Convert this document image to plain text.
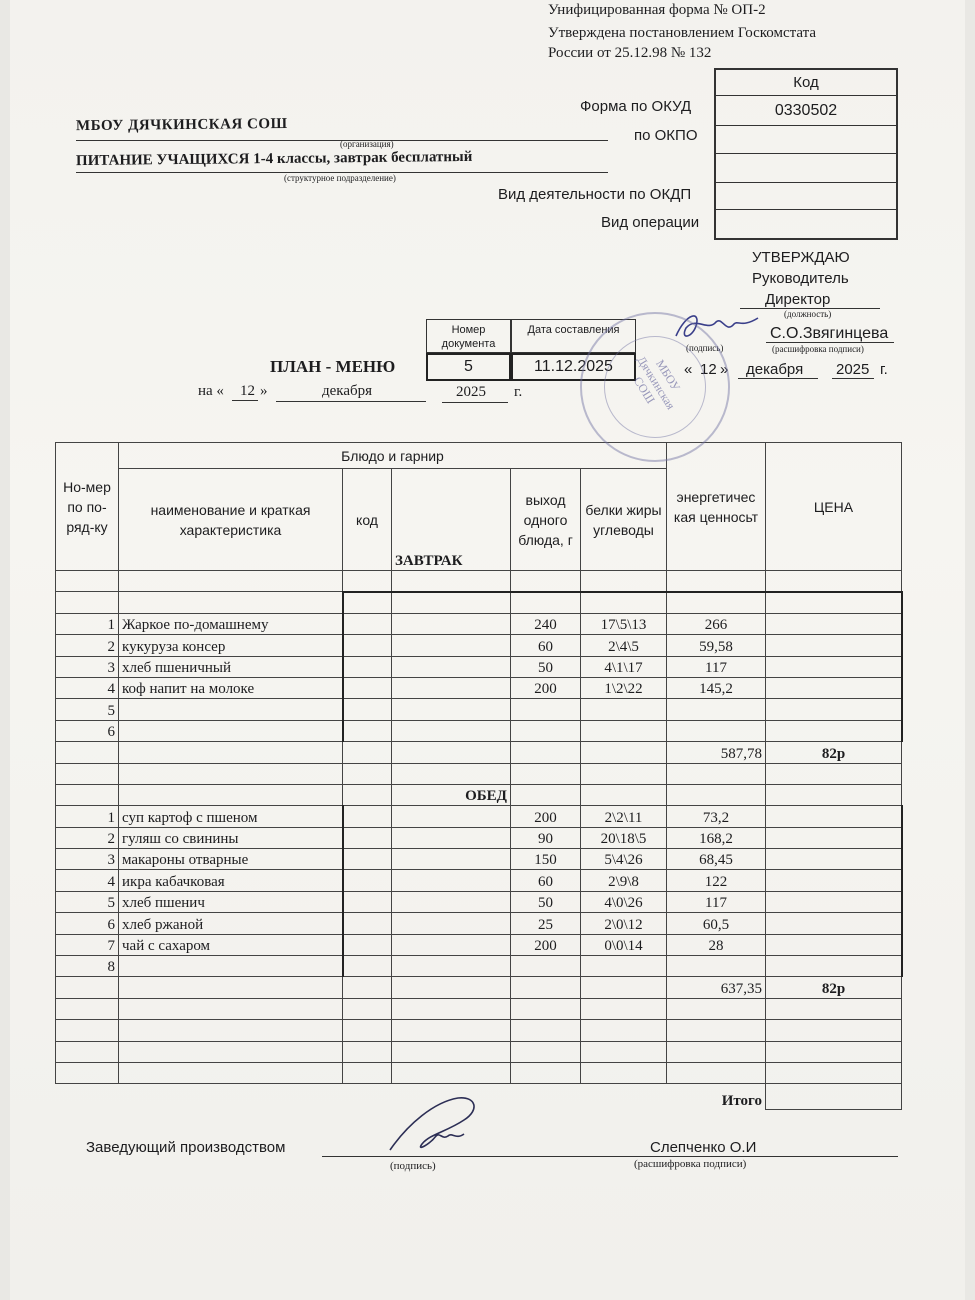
Унифицированная форма № ОП-2
Утверждена постановлением Госкомстата
России от 25.12.98 № 132
Код
0330502
Форма по ОКУД
по ОКПО
Вид деятельности по ОКДП
Вид операции
МБОУ ДЯЧКИНСКАЯ СОШ
(организация)
ПИТАНИЕ УЧАЩИХСЯ 1-4 классы, завтрак бесплатный
(структурное подразделение)
УТВЕРЖДАЮ
Руководитель
Директор
(должность)
(подпись)
С.О.Звягинцева
(расшифровка подписи)
« 12 » декабря 2025 г.
Номер документа
Дата составления
5	11.12.2025
ПЛАН - МЕНЮ
на « 12 »	декабря	2025 г.
Но-мер по по-ряд-ку	Блюдо и гарнир					энергетичес кая ценносьт	ЦЕНА
	наименование и краткая характеристика	код	ЗАВТРАК	выход одного блюда, г	белки жиры углеводы		

1	Жаркое по-домашнему			240	17\5\13	266	
2	кукуруза консер			60	2\4\5	59,58	
3	хлеб пшеничный			50	4\1\17	117	
4	коф напит на молоке			200	1\2\22	145,2	
5							
6							
						587,78	82р

			ОБЕД				
1	суп картоф с пшеном			200	2\2\11	73,2	
2	гуляш со свинины			90	20\18\5	168,2	
3	макароны отварные			150	5\4\26	68,45	
4	икра кабачковая			60	2\9\8	122	
5	хлеб пшенич			50	4\0\26	117	
6	хлеб ржаной			25	2\0\12	60,5	
7	чай с сахаром			200	0\0\14	28	
8							
						637,35	82р

					Итого		
МБОУ Дячкинская СОШ
Заведующий производством
(подпись)
Слепченко О.И
(расшифровка подписи)
